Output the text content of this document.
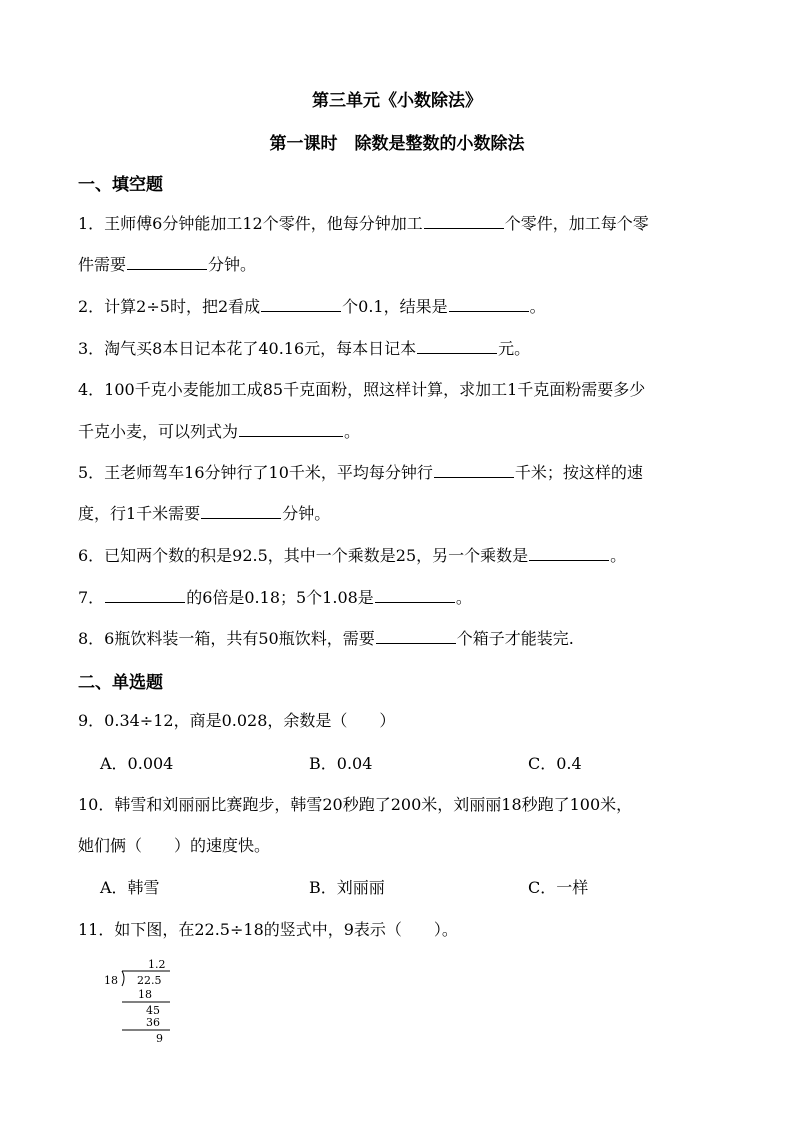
第三单元《小数除法》
第一课时　除数是整数的小数除法
一、填空题
1．王师傅6分钟能加工12个零件，他每分钟加工	个零件，加工每个零
件需要	分钟。
2．计算2÷5时，把2看成	个0.1，结果是	。
3．淘气买8本日记本花了40.16元，每本日记本	元。
4．100千克小麦能加工成85千克面粉，照这样计算，求加工1千克面粉需要多少
千克小麦，可以列式为	。
5．王老师驾车16分钟行了10千米，平均每分钟行	千米；按这样的速
度，行1千米需要	分钟。
6．已知两个数的积是92.5，其中一个乘数是25，另一个乘数是	。
7．	的6倍是0.18；5个1.08是	。
8．6瓶饮料装一箱，共有50瓶饮料，需要	个箱子才能装完.
二、单选题
9．0.34÷12，商是0.028，余数是（　　）
A．0.004	B．0.04	C．0.4
10．韩雪和刘丽丽比赛跑步，韩雪20秒跑了200米，刘丽丽18秒跑了100米，
她们俩（　　）的速度快。
A．韩雪	B．刘丽丽	C．一样
11．如下图，在22.5÷18的竖式中，9表示（　　）。
1.2
18 22.5
18
45
36
9
